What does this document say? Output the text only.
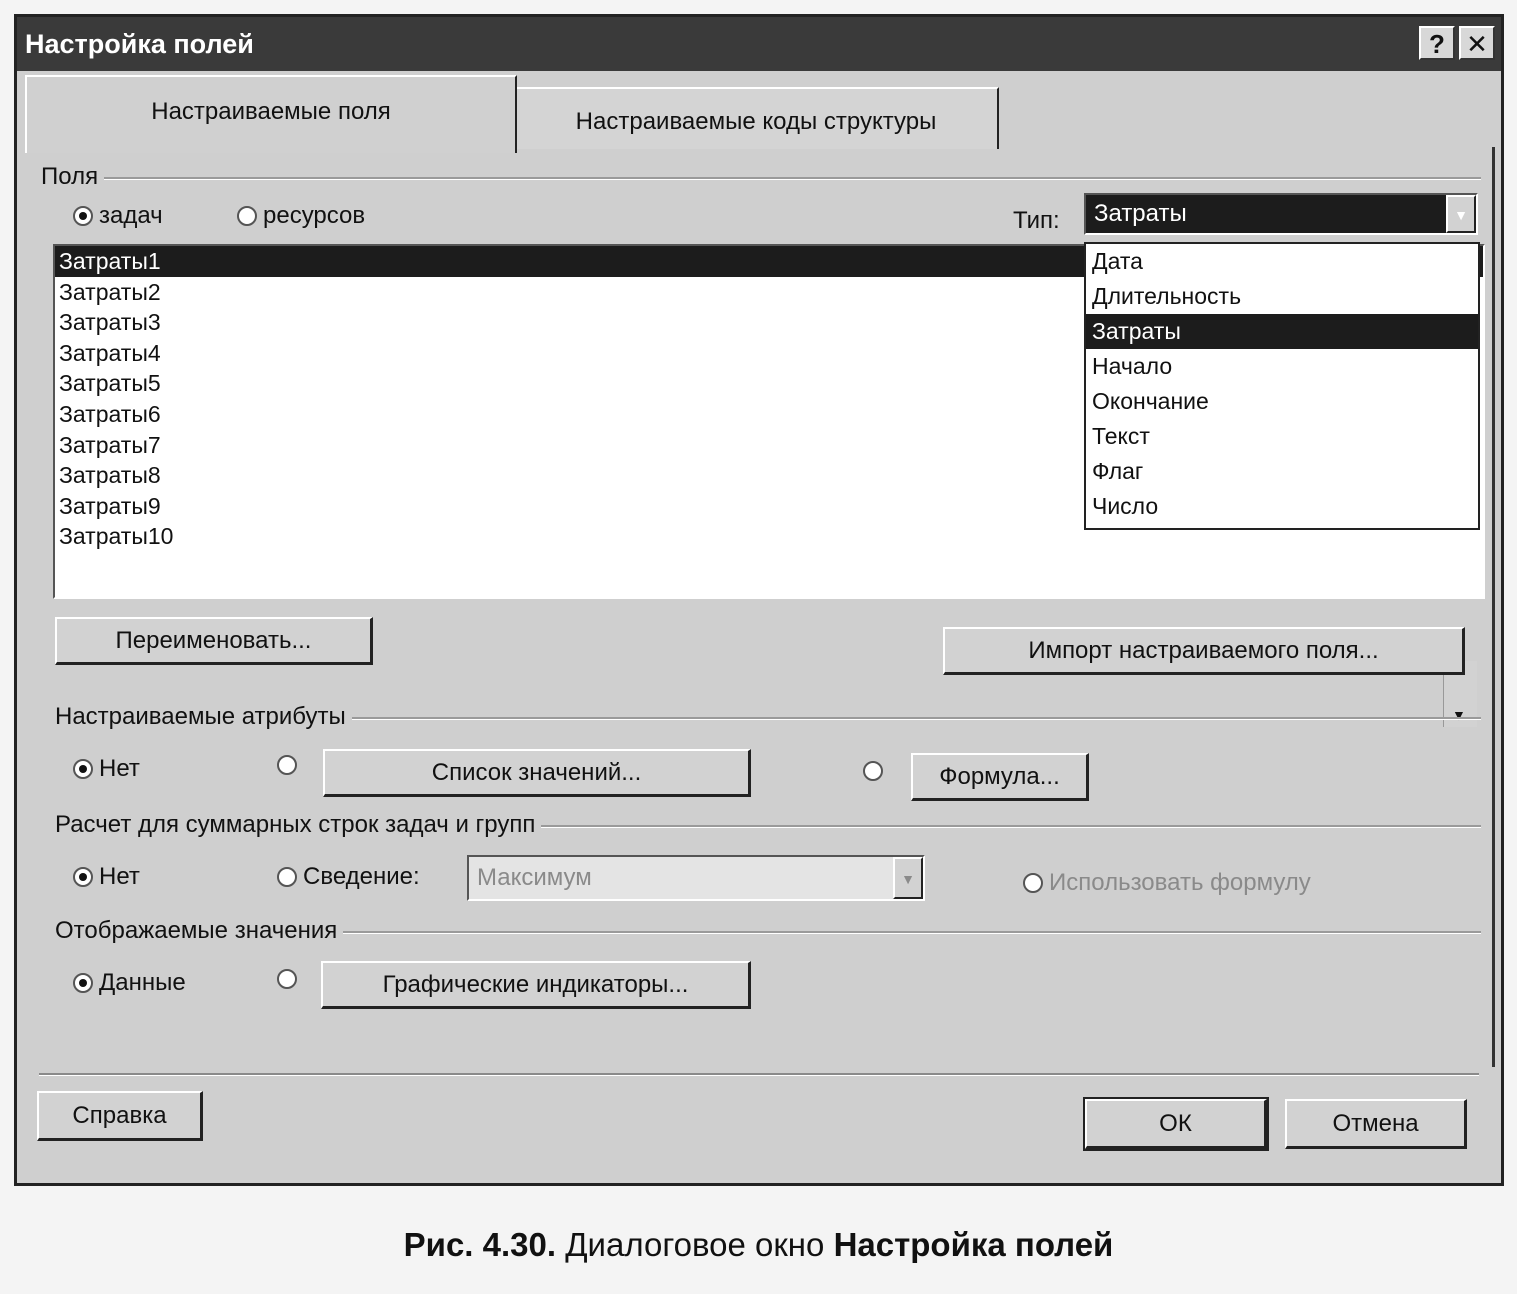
Настройка полей	? ✕
Настраиваемые коды структуры
Настраиваемые поля
Поля
задач	ресурсов	Тип:	Затраты	▼
Затраты1
Затраты2
Затраты3
Затраты4
Затраты5
Затраты6
Затраты7
Затраты8
Затраты9
Затраты10
▼
Дата
Длительность
Затраты
Начало
Окончание
Текст
Флаг
Число
Переименовать...	Импорт настраиваемого поля...
Настраиваемые атрибуты
Нет	Список значений...	Формула...
Расчет для суммарных строк задач и групп
Нет	Сведение:	Максимум	▼	Использовать формулу
Отображаемые значения
Данные	Графические индикаторы...
Справка	ОК	Отмена
Рис. 4.30. Диалоговое окно Настройка полей
